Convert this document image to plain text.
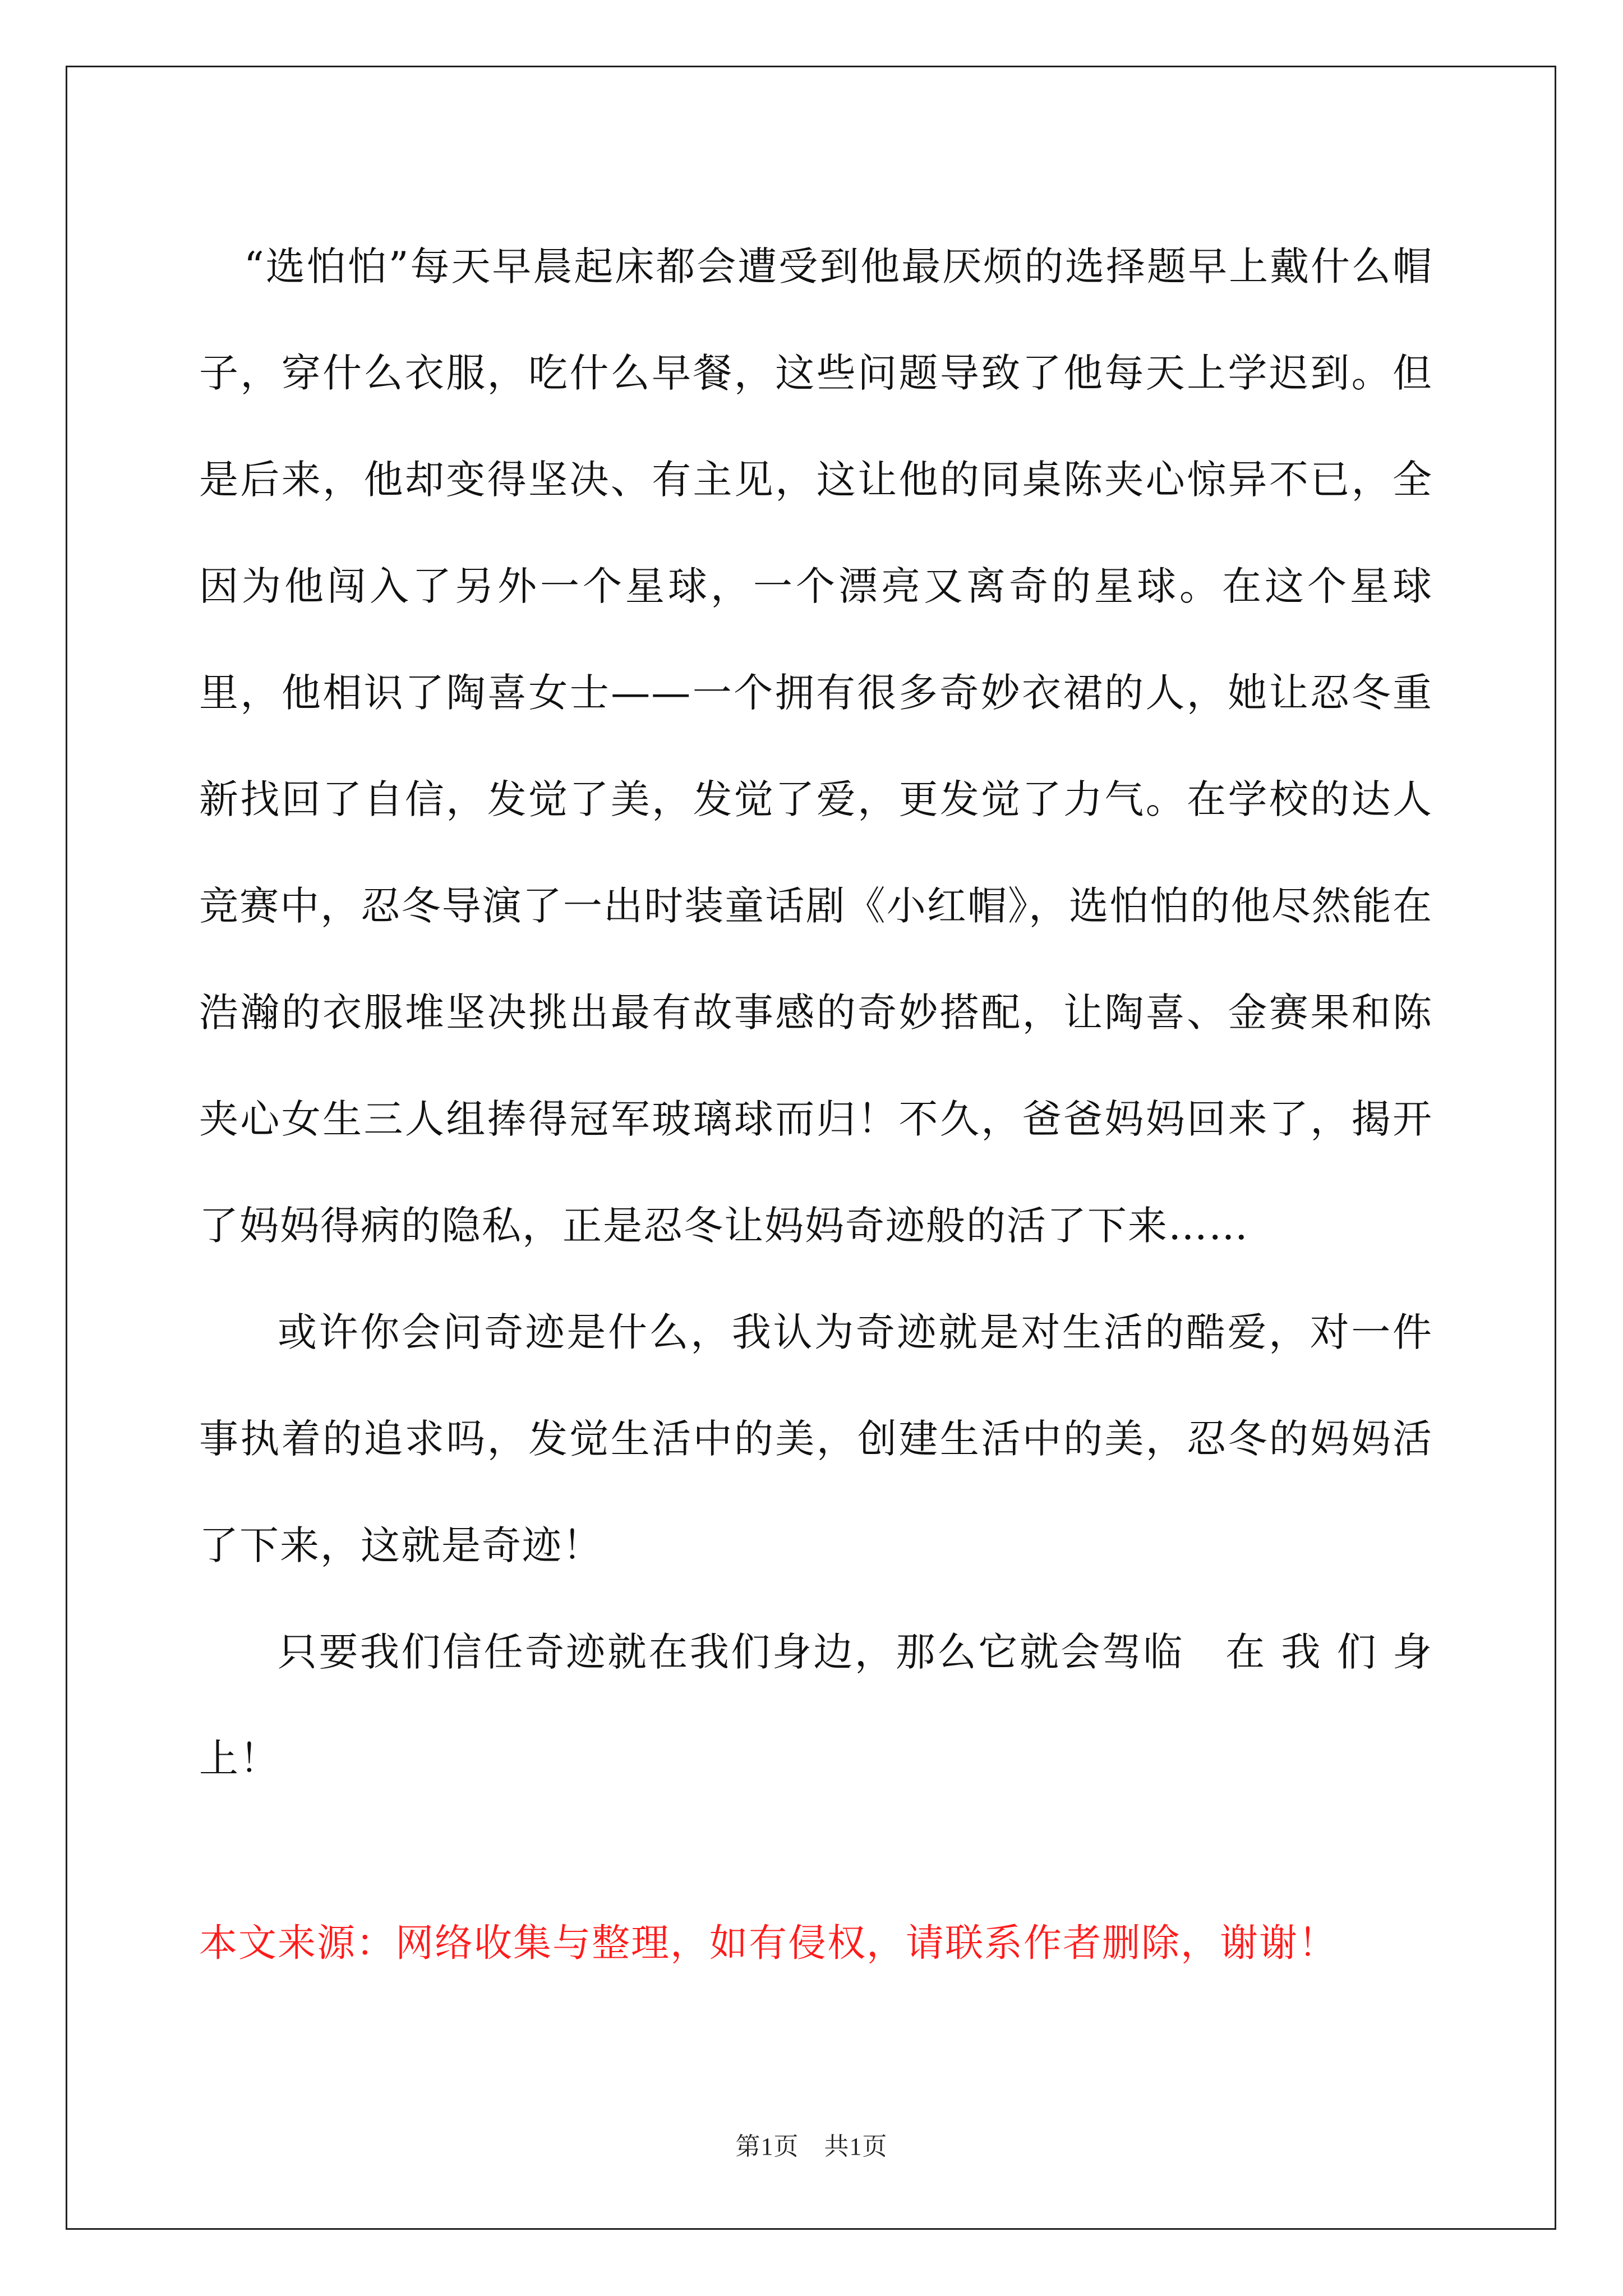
“选怕怕”每天早晨起床都会遭受到他最厌烦的选择题早上戴什么帽子，穿什么衣服，吃什么早餐，这些问题导致了他每天上学迟到。但是后来，他却变得坚决、有主见，这让他的同桌陈夹心惊异不已，全因为他闯入了另外一个星球，一个漂亮又离奇的星球。在这个星球里，他相识了陶喜女士——一个拥有很多奇妙衣裙的人，她让忍冬重新找回了自信，发觉了美，发觉了爱，更发觉了力气。在学校的达人竞赛中，忍冬导演了一出时装童话剧《小红帽》，选怕怕的他尽然能在浩瀚的衣服堆坚决挑出最有故事感的奇妙搭配，让陶喜、金赛果和陈夹心女生三人组捧得冠军玻璃球而归！不久，爸爸妈妈回来了，揭开了妈妈得病的隐私，正是忍冬让妈妈奇迹般的活了下来……

或许你会问奇迹是什么，我认为奇迹就是对生活的酷爱，对一件事执着的追求吗，发觉生活中的美，创建生活中的美，忍冬的妈妈活了下来，这就是奇迹！

只要我们信任奇迹就在我们身边，那么它就会驾临　在 我 们 身上！

本文来源：网络收集与整理，如有侵权，请联系作者删除，谢谢！

第1页　共1页
